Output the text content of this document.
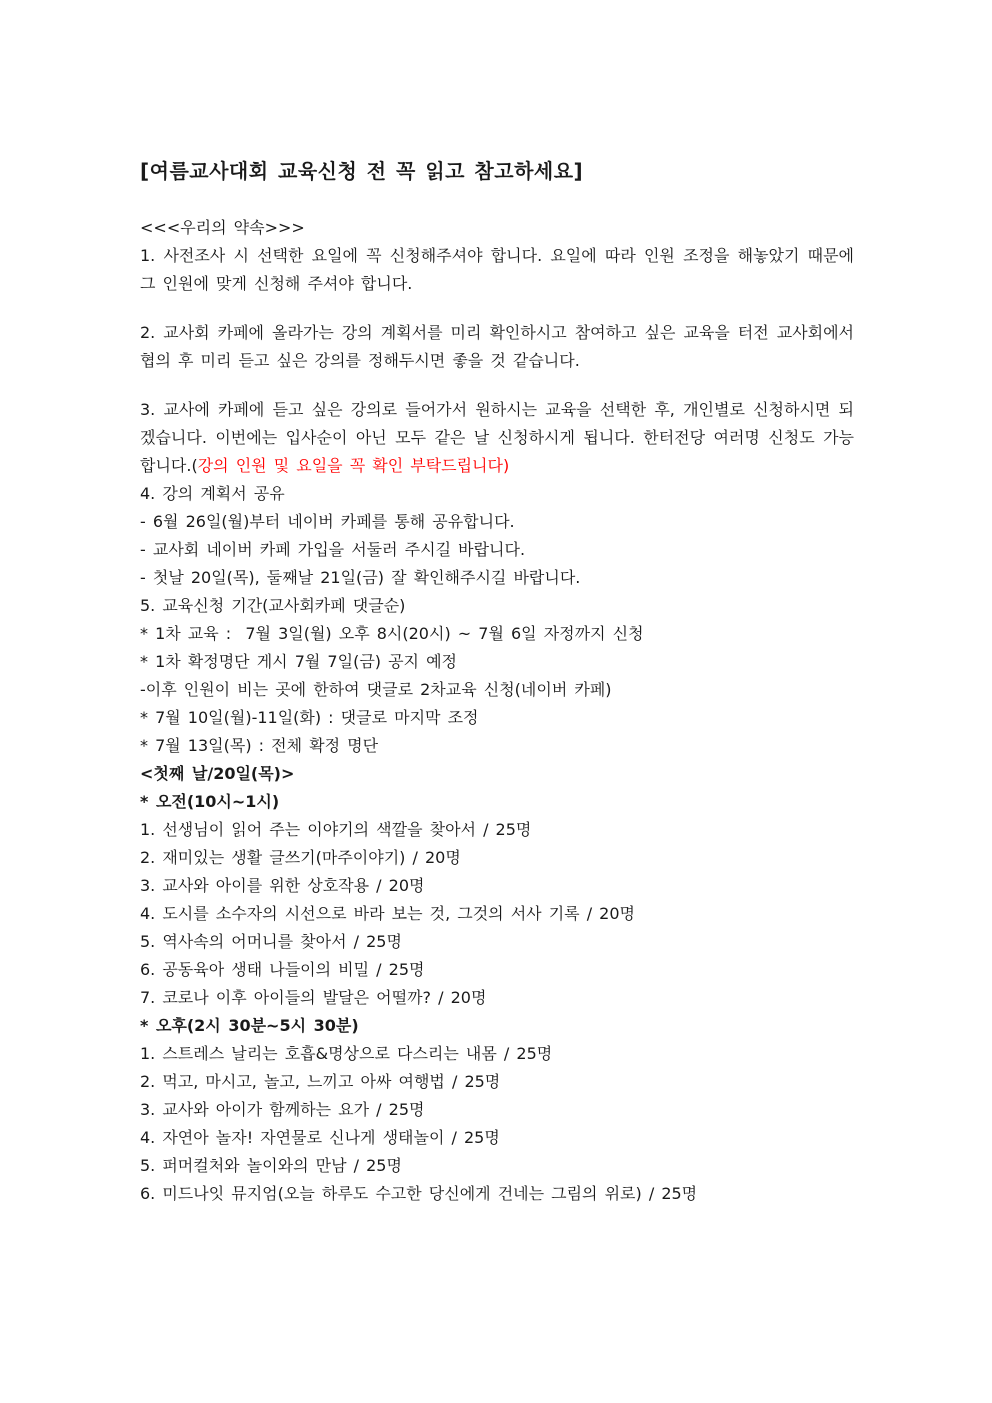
[여름교사대회 교육신청 전 꼭 읽고 참고하세요]

<<<우리의 약속>>>

1. 사전조사 시 선택한 요일에 꼭 신청해주셔야 합니다. 요일에 따라 인원 조정을 해놓았기 때문에 그 인원에 맞게 신청해 주셔야 합니다.

2. 교사회 카페에 올라가는 강의 계획서를 미리 확인하시고 참여하고 싶은 교육을 터전 교사회에서 협의 후 미리 듣고 싶은 강의를 정해두시면 좋을 것 같습니다.

3. 교사에 카페에 듣고 싶은 강의로 들어가서 원하시는 교육을 선택한 후, 개인별로 신청하시면 되겠습니다. 이번에는 입사순이 아닌 모두 같은 날 신청하시게 됩니다. 한터전당 여러명 신청도 가능 합니다.(강의 인원 및 요일을 꼭 확인 부탁드립니다)

4. 강의 계획서 공유
- 6월 26일(월)부터 네이버 카페를 통해 공유합니다.
- 교사회 네이버 카페 가입을 서둘러 주시길 바랍니다.
- 첫날 20일(목), 둘째날 21일(금) 잘 확인해주시길 바랍니다.
5. 교육신청 기간(교사회카페 댓글순)
* 1차 교육 :  7월 3일(월) 오후 8시(20시) ~ 7월 6일 자정까지 신청
* 1차 확정명단 게시 7월 7일(금) 공지 예정
-이후 인원이 비는 곳에 한하여 댓글로 2차교육 신청(네이버 카페)
* 7월 10일(월)-11일(화) : 댓글로 마지막 조정
* 7월 13일(목) : 전체 확정 명단
<첫째 날/20일(목)>
* 오전(10시~1시)
1. 선생님이 읽어 주는 이야기의 색깔을 찾아서 / 25명
2. 재미있는 생활 글쓰기(마주이야기) / 20명
3. 교사와 아이를 위한 상호작용 / 20명
4. 도시를 소수자의 시선으로 바라 보는 것, 그것의 서사 기록 / 20명
5. 역사속의 어머니를 찾아서 / 25명
6. 공동육아 생태 나들이의 비밀 / 25명
7. 코로나 이후 아이들의 발달은 어떨까? / 20명
* 오후(2시 30분~5시 30분)
1. 스트레스 날리는 호흡&명상으로 다스리는 내몸 / 25명
2. 먹고, 마시고, 놀고, 느끼고 아싸 여행법 / 25명
3. 교사와 아이가 함께하는 요가 / 25명
4. 자연아 놀자! 자연물로 신나게 생태놀이 / 25명
5. 퍼머컬처와 놀이와의 만남 / 25명
6. 미드나잇 뮤지엄(오늘 하루도 수고한 당신에게 건네는 그림의 위로) / 25명
